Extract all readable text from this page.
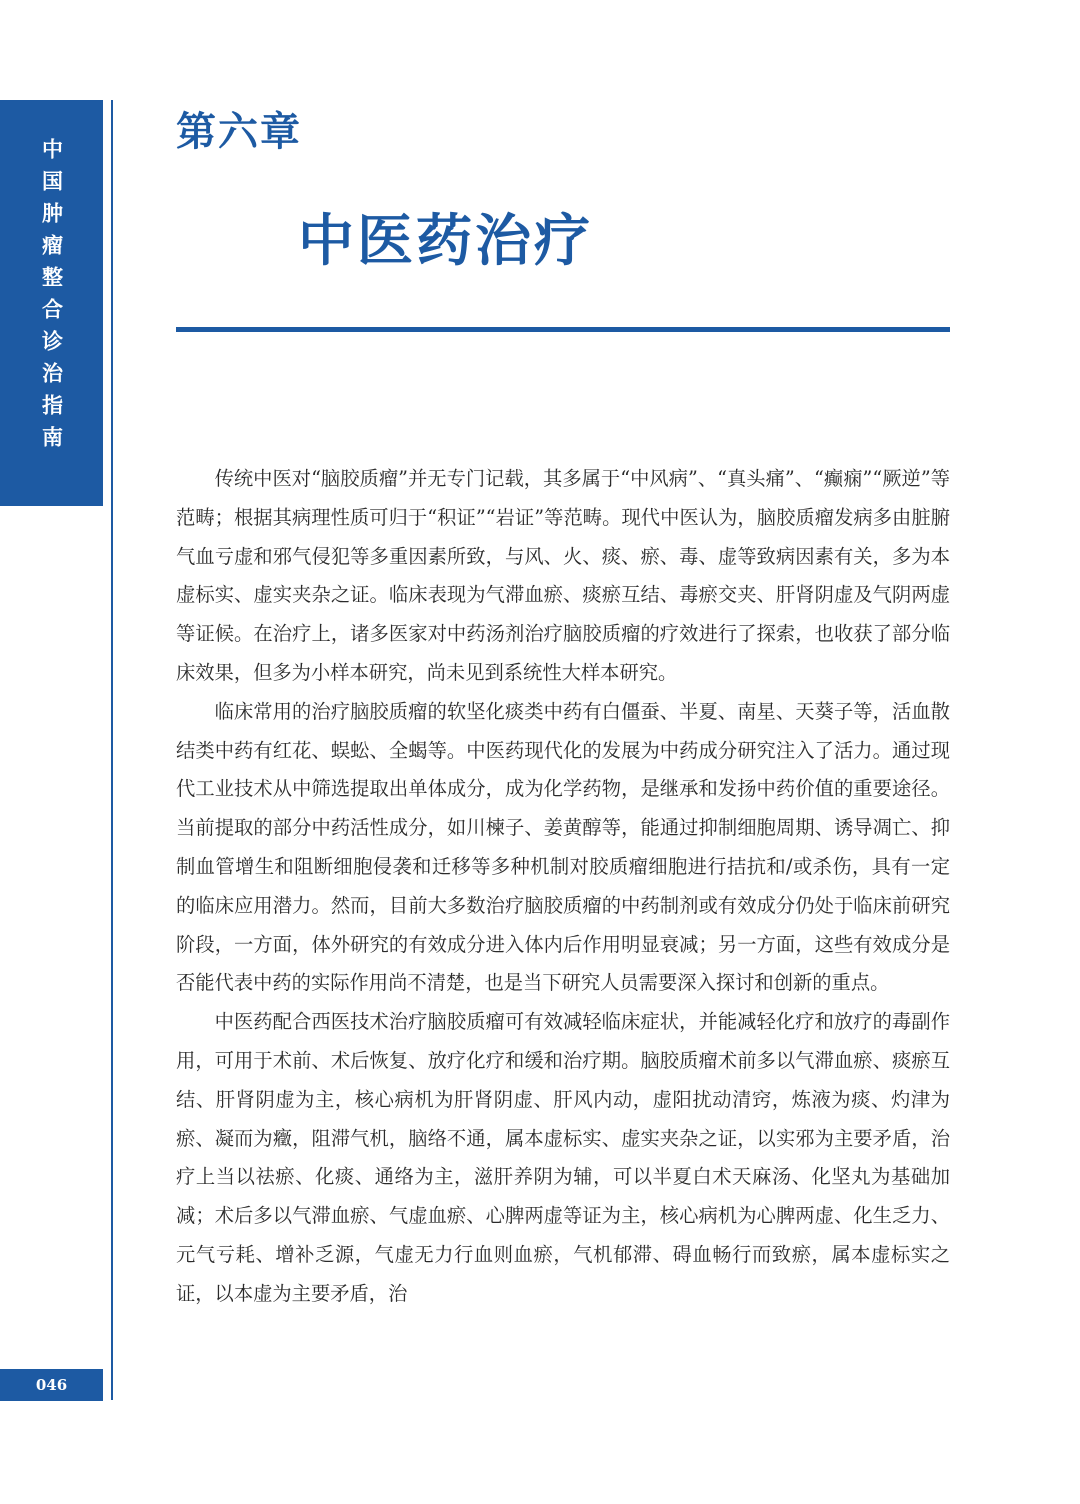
中国肿瘤整合诊治指南
046
第六章
中医药治疗

传统中医对“脑胶质瘤”并无专门记载，其多属于“中风病”、“真头痛”、“癫痫”“厥逆”等范畴；根据其病理性质可归于“积证”“岩证”等范畴。现代中医认为，脑胶质瘤发病多由脏腑气血亏虚和邪气侵犯等多重因素所致，与风、火、痰、瘀、毒、虚等致病因素有关，多为本虚标实、虚实夹杂之证。临床表现为气滞血瘀、痰瘀互结、毒瘀交夹、肝肾阴虚及气阴两虚等证候。在治疗上，诸多医家对中药汤剂治疗脑胶质瘤的疗效进行了探索，也收获了部分临床效果，但多为小样本研究，尚未见到系统性大样本研究。

临床常用的治疗脑胶质瘤的软坚化痰类中药有白僵蚕、半夏、南星、天葵子等，活血散结类中药有红花、蜈蚣、全蝎等。中医药现代化的发展为中药成分研究注入了活力。通过现代工业技术从中筛选提取出单体成分，成为化学药物，是继承和发扬中药价值的重要途径。当前提取的部分中药活性成分，如川楝子、姜黄醇等，能通过抑制细胞周期、诱导凋亡、抑制血管增生和阻断细胞侵袭和迁移等多种机制对胶质瘤细胞进行拮抗和/或杀伤，具有一定的临床应用潜力。然而，目前大多数治疗脑胶质瘤的中药制剂或有效成分仍处于临床前研究阶段，一方面，体外研究的有效成分进入体内后作用明显衰减；另一方面，这些有效成分是否能代表中药的实际作用尚不清楚，也是当下研究人员需要深入探讨和创新的重点。

中医药配合西医技术治疗脑胶质瘤可有效减轻临床症状，并能减轻化疗和放疗的毒副作用，可用于术前、术后恢复、放疗化疗和缓和治疗期。脑胶质瘤术前多以气滞血瘀、痰瘀互结、肝肾阴虚为主，核心病机为肝肾阴虚、肝风内动，虚阳扰动清窍，炼液为痰、灼津为瘀、凝而为癥，阻滞气机，脑络不通，属本虚标实、虚实夹杂之证，以实邪为主要矛盾，治疗上当以祛瘀、化痰、通络为主，滋肝养阴为辅，可以半夏白术天麻汤、化坚丸为基础加减；术后多以气滞血瘀、气虚血瘀、心脾两虚等证为主，核心病机为心脾两虚、化生乏力、元气亏耗、增补乏源，气虚无力行血则血瘀，气机郁滞、碍血畅行而致瘀，属本虚标实之证，以本虚为主要矛盾，治
